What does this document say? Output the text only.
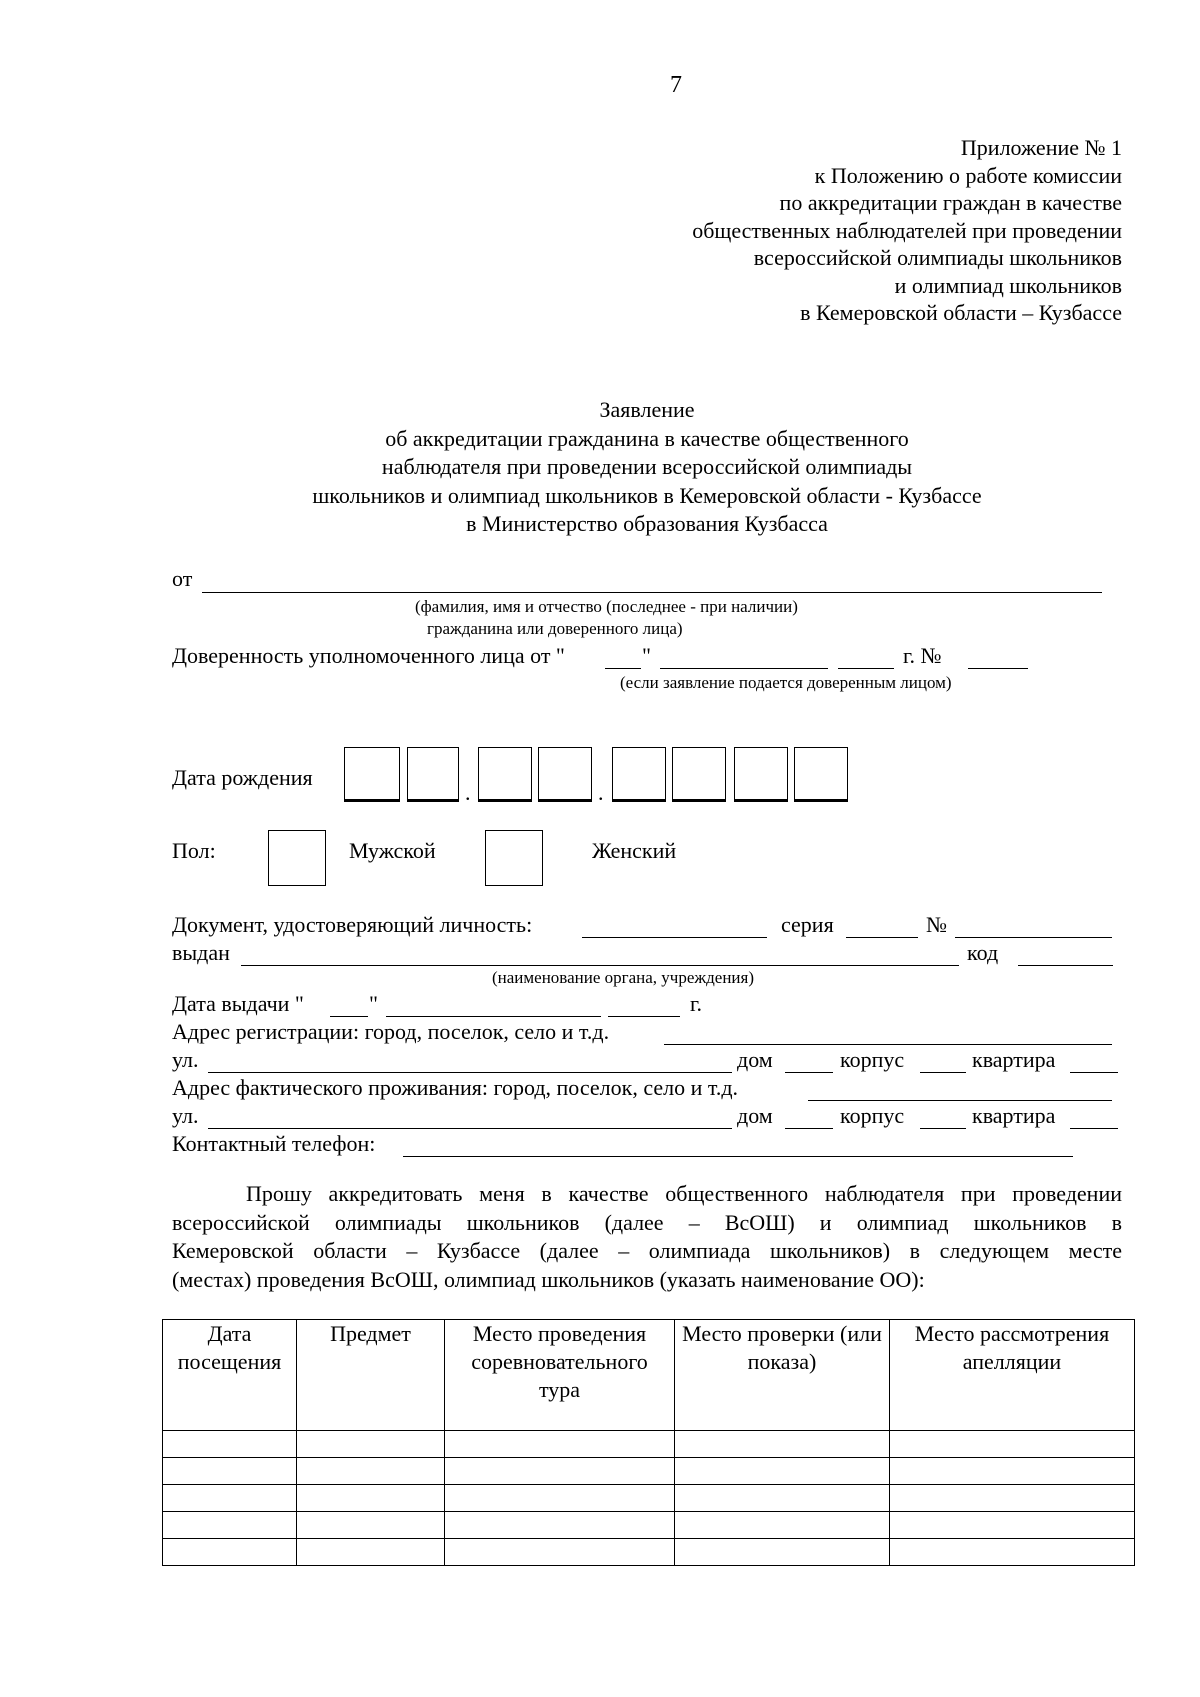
7
Приложение № 1
к Положению о работе комиссии
по аккредитации граждан в качестве
общественных наблюдателей при проведении
всероссийской олимпиады школьников
и олимпиад школьников
в Кемеровской области – Кузбассе
Заявление
об аккредитации гражданина в качестве общественного
наблюдателя при проведении всероссийской олимпиады
школьников и олимпиад школьников в Кемеровской области - Кузбассе
в Министерство образования Кузбасса
от
(фамилия, имя и отчество (последнее - при наличии)
гражданина или доверенного лица)
Доверенность уполномоченного лица от "	"	г. №
(если заявление подается доверенным лицом)
Дата рождения
.	.
Пол:	Мужской	Женский
Документ, удостоверяющий личность:	серия	№
выдан	код
(наименование органа, учреждения)
Дата выдачи "	"	г.
Адрес регистрации: город, поселок, село и т.д.
ул.	дом	корпус	квартира
Адрес фактического проживания: город, поселок, село и т.д.
ул.	дом	корпус	квартира
Контактный телефон:
Прошу аккредитовать меня в качестве общественного наблюдателя при проведении
всероссийской олимпиады школьников (далее – ВсОШ) и олимпиад школьников в
Кемеровской области – Кузбассе (далее – олимпиада школьников) в следующем месте
(местах) проведения ВсОШ, олимпиад школьников (указать наименование ОО):
Дата посещения	Предмет	Место проведения соревновательного тура	Место проверки (или показа)	Место рассмотрения апелляции
